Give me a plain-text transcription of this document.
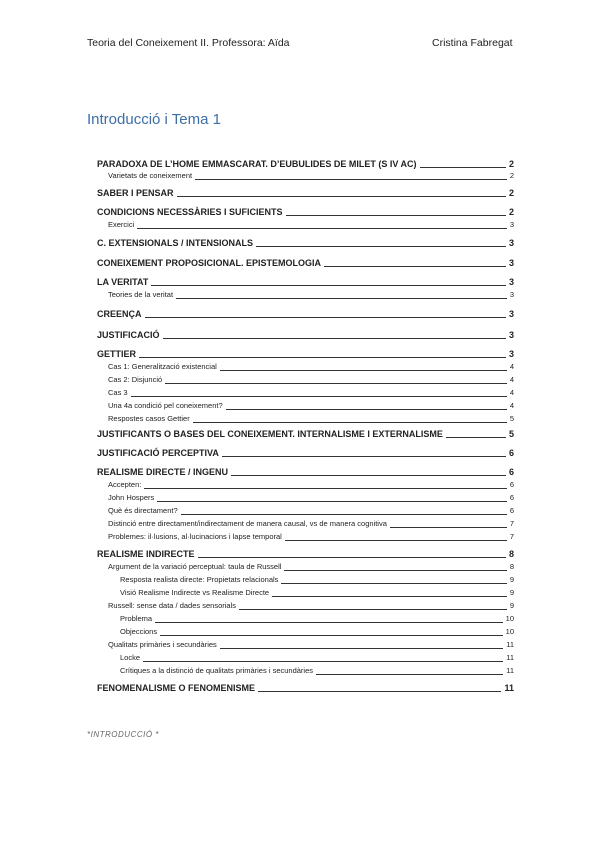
Teoria del Coneixement II. Professora: Aïda	Cristina Fabregat
Introducció i Tema 1
PARADOXA DE L’HOME EMMASCARAT. D’EUBULIDES DE MILET (S IV AC)	2
Varietats de coneixement	2
SABER I PENSAR	2
CONDICIONS NECESSÀRIES I SUFICIENTS	2
Exercici	3
C. EXTENSIONALS / INTENSIONALS	3
CONEIXEMENT PROPOSICIONAL. EPISTEMOLOGIA	3
LA VERITAT	3
Teories de la veritat	3
CREENÇA	3
JUSTIFICACIÓ	3
GETTIER	3
Cas 1: Generalització existencial	4
Cas 2: Disjunció	4
Cas 3	4
Una 4a condició pel coneixement?	4
Respostes casos Gettier	5
JUSTIFICANTS O BASES DEL CONEIXEMENT. INTERNALISME I EXTERNALISME	5
JUSTIFICACIÓ PERCEPTIVA	6
REALISME DIRECTE / INGENU	6
Accepten:	6
John Hospers	6
Què és directament?	6
Distinció entre directament/indirectament de manera causal, vs de manera cognitiva	7
Problemes: il·lusions, al·lucinacions i lapse temporal	7
REALISME INDIRECTE	8
Argument de la variació perceptual: taula de Russell	8
Resposta realista directe: Propietats relacionals	9
Visió Realisme Indirecte vs Realisme Directe	9
Russell: sense data / dades sensorials	9
Problema	10
Objeccions	10
Qualitats primàries i secundàries	11
Locke	11
Crítiques a la distinció de qualitats primàries i secundàries	11
FENOMENALISME O FENOMENISME	11
*INTRODUCCIÓ *
